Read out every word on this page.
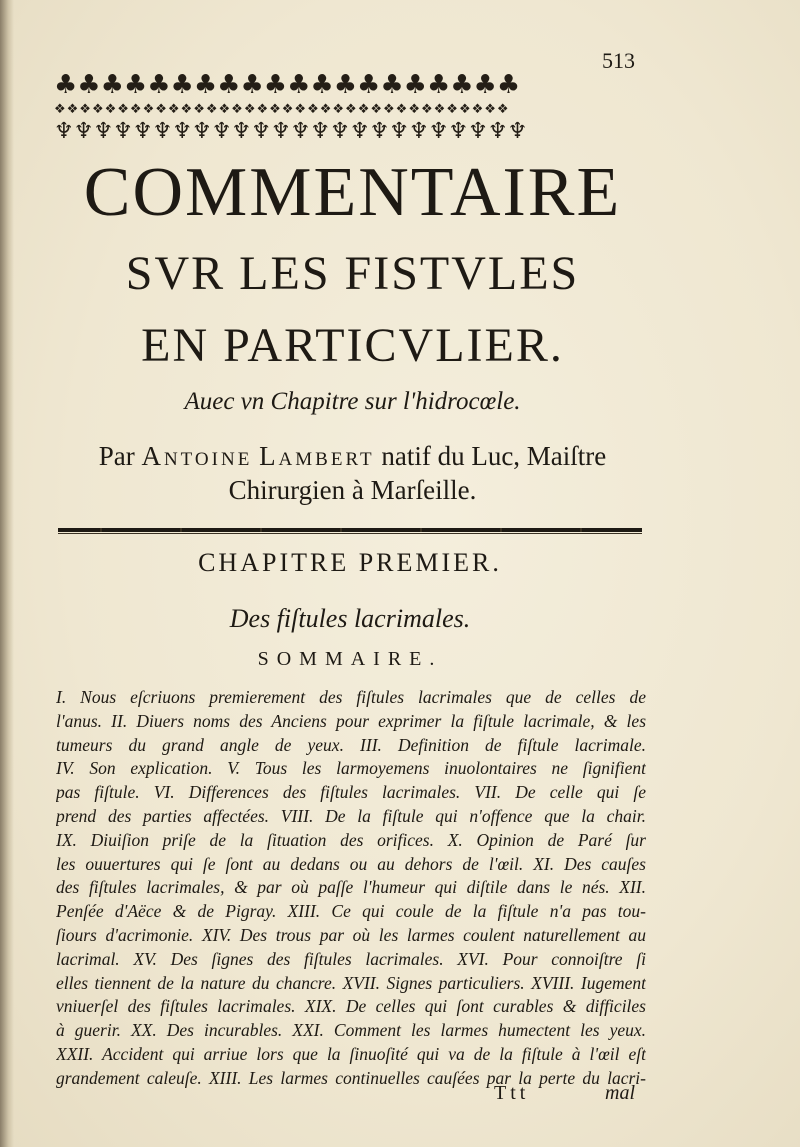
513
♣♣♣♣♣♣♣♣♣♣♣♣♣♣♣♣♣♣♣♣
❖❖❖❖❖❖❖❖❖❖❖❖❖❖❖❖❖❖❖❖❖❖❖❖❖❖❖❖❖❖❖❖❖❖❖❖
♆♆♆♆♆♆♆♆♆♆♆♆♆♆♆♆♆♆♆♆♆♆♆♆
COMMENTAIRE
SVR LES FISTVLES
EN PARTICVLIER.
Auec vn Chapitre sur l'hidrocœle.
Par Antoine Lambert natif du Luc, Maiſtre
Chirurgien à Marſeille.
CHAPITRE PREMIER.
Des fiſtules lacrimales.
SOMMAIRE.
I. Nous eſcriuons premierement des fiſtules lacrimales que de celles de
l'anus. II. Diuers noms des Anciens pour exprimer la fiſtule lacrimale, & les
tumeurs du grand angle de yeux. III. Definition de fiſtule lacrimale.
IV. Son explication. V. Tous les larmoyemens inuolontaires ne ſignifient
pas fiſtule. VI. Differences des fiſtules lacrimales. VII. De celle qui ſe
prend des parties affectées. VIII. De la fiſtule qui n'offence que la chair.
IX. Diuiſion priſe de la ſituation des orifices. X. Opinion de Paré ſur
les ouuertures qui ſe ſont au dedans ou au dehors de l'œil. XI. Des cauſes
des fiſtules lacrimales, & par où paſſe l'humeur qui diſtile dans le nés. XII.
Penſée d'Aëce & de Pigray. XIII. Ce qui coule de la fiſtule n'a pas tou-
ſiours d'acrimonie. XIV. Des trous par où les larmes coulent naturellement au
lacrimal. XV. Des ſignes des fiſtules lacrimales. XVI. Pour connoiſtre ſi
elles tiennent de la nature du chancre. XVII. Signes particuliers. XVIII. Iugement
vniuerſel des fiſtules lacrimales. XIX. De celles qui ſont curables & difficiles
à guerir. XX. Des incurables. XXI. Comment les larmes humectent les yeux.
XXII. Accident qui arriue lors que la ſinuoſité qui va de la fiſtule à l'œil eſt
grandement caleuſe. XIII. Les larmes continuelles cauſées par la perte du lacri-
Ttt	mal
